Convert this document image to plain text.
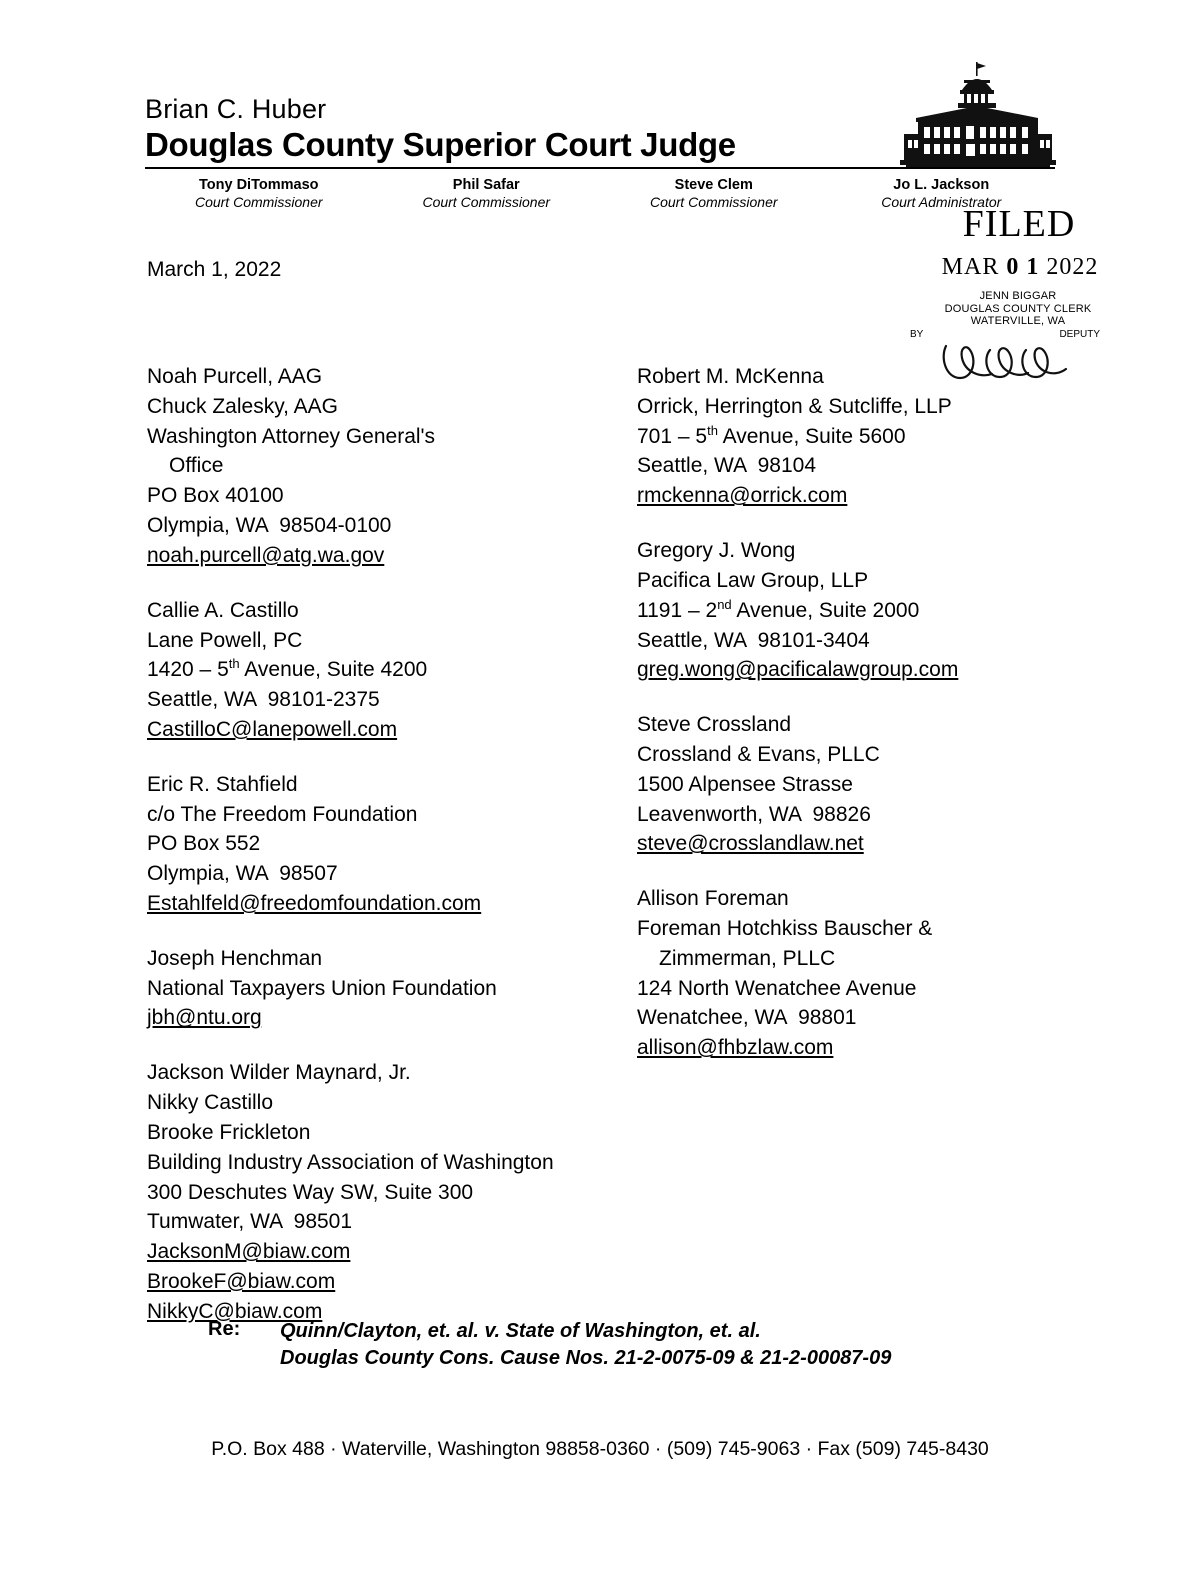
Brian C. Huber
Douglas County Superior Court Judge
Tony DiTommaso
Court Commissioner
Phil Safar
Court Commissioner
Steve Clem
Court Commissioner
Jo L. Jackson
Court Administrator
FILED
MAR 0 1 2022
JENN BIGGAR
DOUGLAS COUNTY CLERK
WATERVILLE, WA
BY	DEPUTY
March 1, 2022
Noah Purcell, AAG
Chuck Zalesky, AAG
Washington Attorney General's
Office
PO Box 40100
Olympia, WA  98504-0100
noah.purcell@atg.wa.gov
Callie A. Castillo
Lane Powell, PC
1420 – 5th Avenue, Suite 4200
Seattle, WA  98101-2375
CastilloC@lanepowell.com
Eric R. Stahfield
c/o The Freedom Foundation
PO Box 552
Olympia, WA  98507
Estahlfeld@freedomfoundation.com
Joseph Henchman
National Taxpayers Union Foundation
jbh@ntu.org
Jackson Wilder Maynard, Jr.
Nikky Castillo
Brooke Frickleton
Building Industry Association of Washington
300 Deschutes Way SW, Suite 300
Tumwater, WA  98501
JacksonM@biaw.com
BrookeF@biaw.com
NikkyC@biaw.com
Robert M. McKenna
Orrick, Herrington & Sutcliffe, LLP
701 – 5th Avenue, Suite 5600
Seattle, WA  98104
rmckenna@orrick.com
Gregory J. Wong
Pacifica Law Group, LLP
1191 – 2nd Avenue, Suite 2000
Seattle, WA  98101-3404
greg.wong@pacificalawgroup.com
Steve Crossland
Crossland & Evans, PLLC
1500 Alpensee Strasse
Leavenworth, WA  98826
steve@crosslandlaw.net
Allison Foreman
Foreman Hotchkiss Bauscher &
Zimmerman, PLLC
124 North Wenatchee Avenue
Wenatchee, WA  98801
allison@fhbzlaw.com
Re:	Quinn/Clayton, et. al. v. State of Washington, et. al.
Douglas County Cons. Cause Nos. 21-2-0075-09 & 21-2-00087-09
P.O. Box 488 · Waterville, Washington 98858-0360 · (509) 745-9063 · Fax (509) 745-8430
